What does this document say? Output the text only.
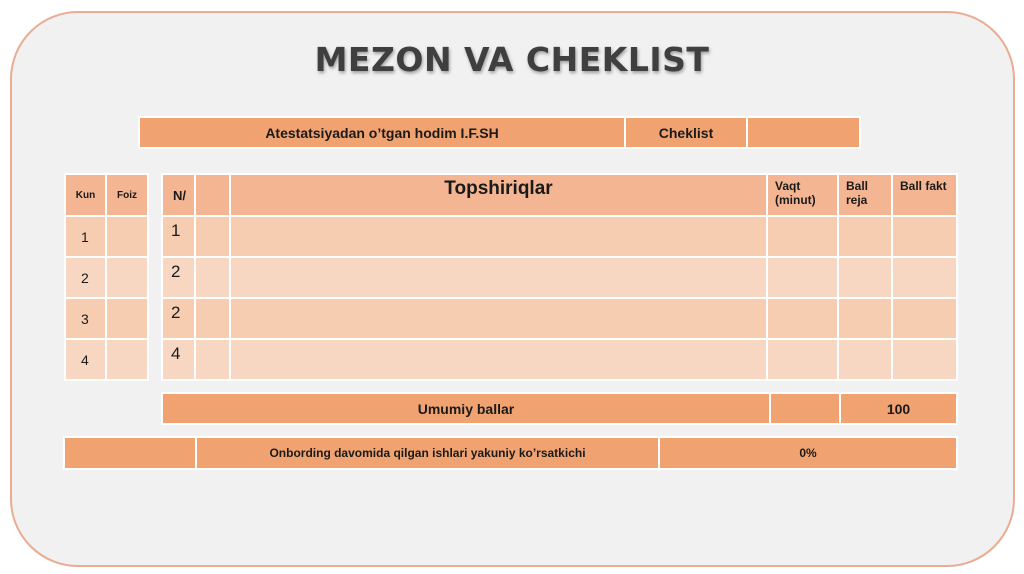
MEZON VA CHEKLIST
Atestatsiyadan o’tgan hodim I.F.SH	Cheklist	
Kun	Foiz
1	
2	
3	
4	
N/		Topshiriqlar	Vaqt (minut)	Ball reja	Ball fakt
1					
2					
2					
4					
Umumiy ballar		100
	Onbording davomida qilgan ishlari yakuniy ko’rsatkichi	0%
